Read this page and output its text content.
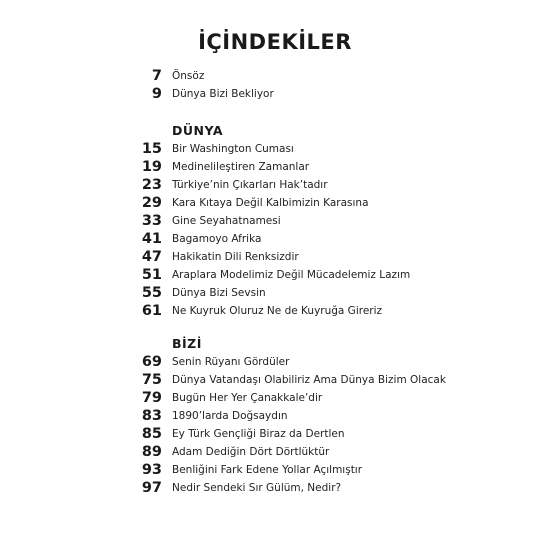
İÇİNDEKİLER
7 Önsöz
9 Dünya Bizi Bekliyor
DÜNYA
15 Bir Washington Cuması
19 Medinelileştiren Zamanlar
23 Türkiye’nin Çıkarları Hak’tadır
29 Kara Kıtaya Değil Kalbimizin Karasına
33 Gine Seyahatnamesi
41 Bagamoyo Afrika
47 Hakikatin Dili Renksizdir
51 Araplara Modelimiz Değil Mücadelemiz Lazım
55 Dünya Bizi Sevsin
61 Ne Kuyruk Oluruz Ne de Kuyruğa Gireriz
BİZİ
69 Senin Rüyanı Gördüler
75 Dünya Vatandaşı Olabiliriz Ama Dünya Bizim Olacak
79 Bugün Her Yer Çanakkale’dir
83 1890’larda Doğsaydın
85 Ey Türk Gençliği Biraz da Dertlen
89 Adam Dediğin Dört Dörtlüktür
93 Benliğini Fark Edene Yollar Açılmıştır
97 Nedir Sendeki Sır Gülüm, Nedir?
